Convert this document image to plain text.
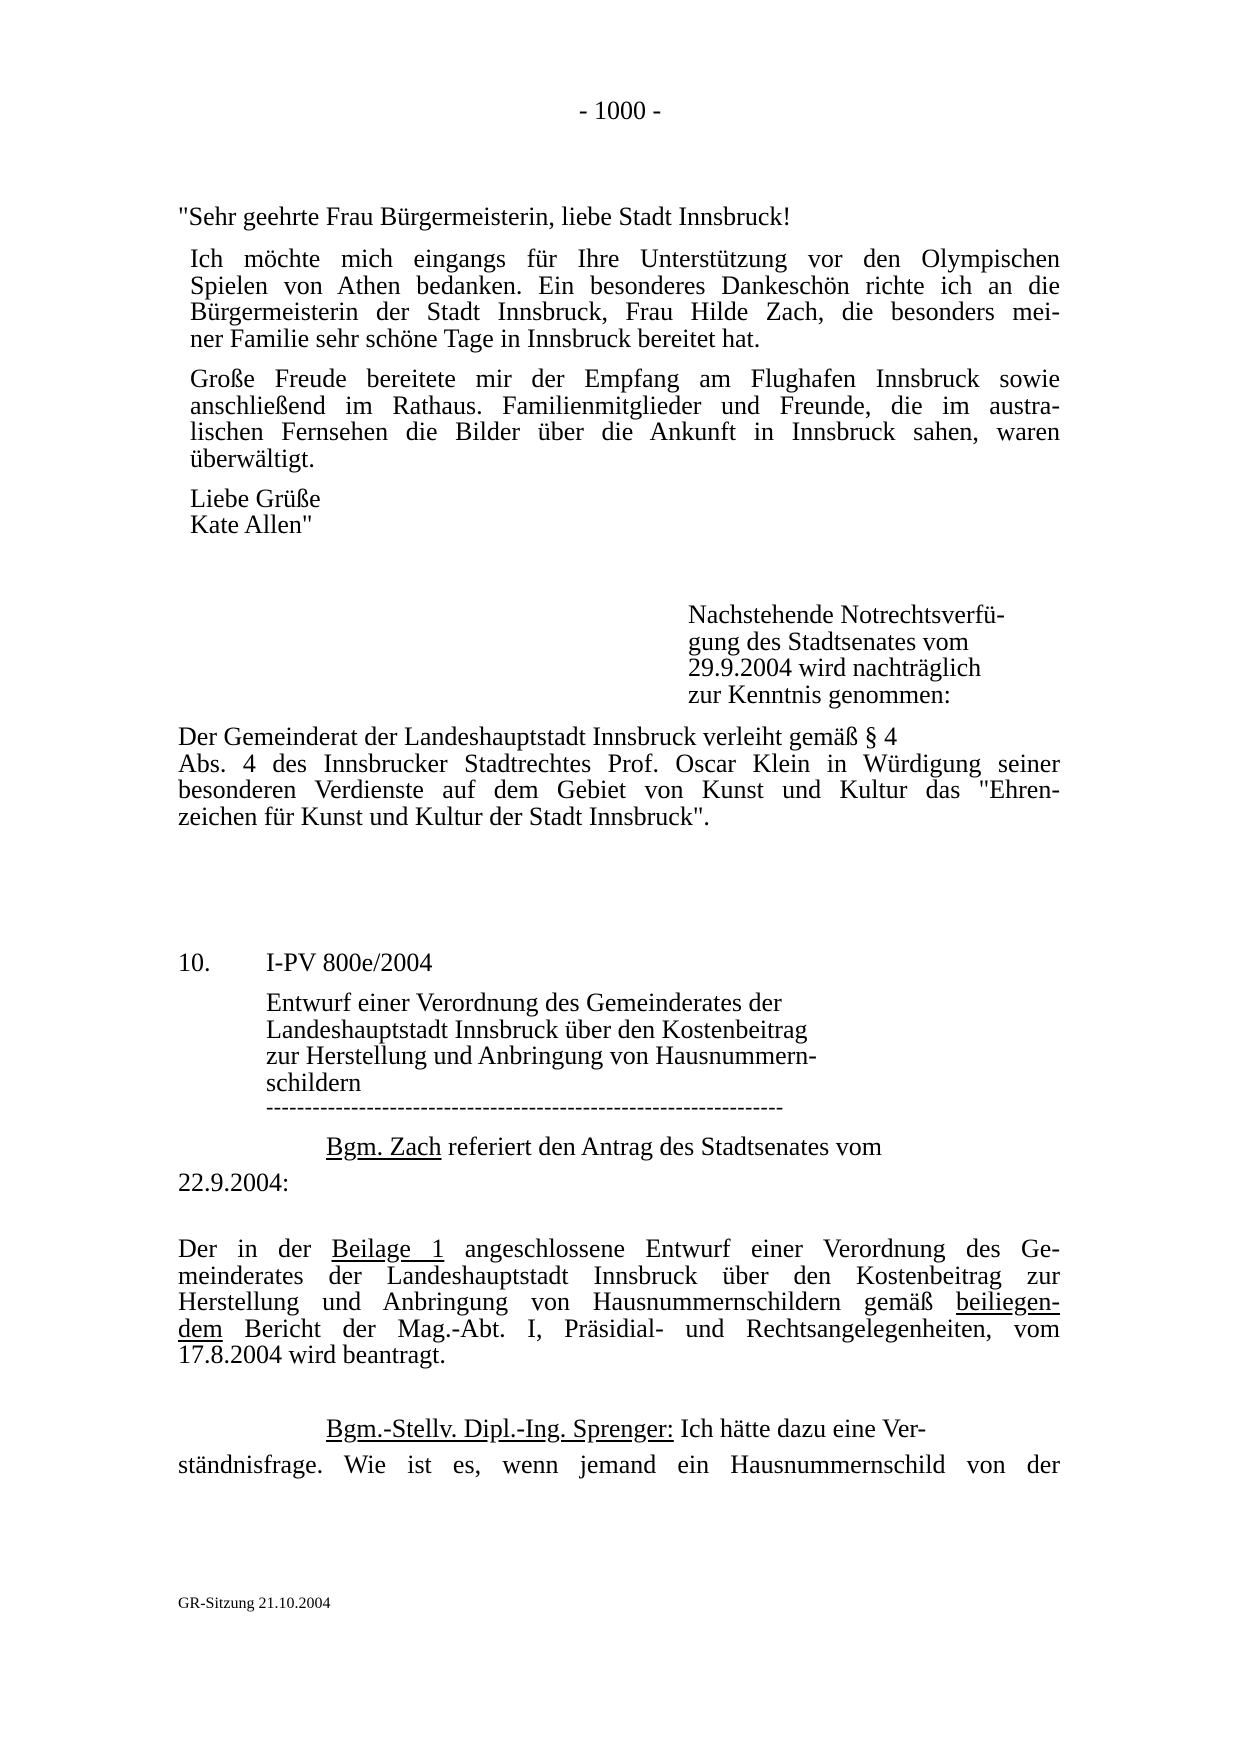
- 1000 -
"Sehr geehrte Frau Bürgermeisterin, liebe Stadt Innsbruck!
Ich möchte mich eingangs für Ihre Unterstützung vor den Olympischen
Spielen von Athen bedanken. Ein besonderes Dankeschön richte ich an die
Bürgermeisterin der Stadt Innsbruck, Frau Hilde Zach, die besonders mei-
ner Familie sehr schöne Tage in Innsbruck bereitet hat.
Große Freude bereitete mir der Empfang am Flughafen Innsbruck sowie
anschließend im Rathaus. Familienmitglieder und Freunde, die im austra-
lischen Fernsehen die Bilder über die Ankunft in Innsbruck sahen, waren
überwältigt.
Liebe Grüße
Kate Allen"
Nachstehende Notrechtsverfü-
gung des Stadtsenates vom
29.9.2004 wird nachträglich
zur Kenntnis genommen:
Der Gemeinderat der Landeshauptstadt Innsbruck verleiht gemäß § 4
Abs. 4 des Innsbrucker Stadtrechtes Prof. Oscar Klein in Würdigung seiner
besonderen Verdienste auf dem Gebiet von Kunst und Kultur das "Ehren-
zeichen für Kunst und Kultur der Stadt Innsbruck".
10. I-PV 800e/2004
Entwurf einer Verordnung des Gemeinderates der
Landeshauptstadt Innsbruck über den Kostenbeitrag
zur Herstellung und Anbringung von Hausnummern-
schildern
-------------------------------------------------------------------
Bgm. Zach referiert den Antrag des Stadtsenates vom
22.9.2004:
Der in der Beilage 1 angeschlossene Entwurf einer Verordnung des Ge-
meinderates der Landeshauptstadt Innsbruck über den Kostenbeitrag zur
Herstellung und Anbringung von Hausnummernschildern gemäß beiliegen-
dem Bericht der Mag.-Abt. I, Präsidial- und Rechtsangelegenheiten, vom
17.8.2004 wird beantragt.
Bgm.-Stellv. Dipl.-Ing. Sprenger: Ich hätte dazu eine Ver-
ständnisfrage. Wie ist es, wenn jemand ein Hausnummernschild von der
GR-Sitzung 21.10.2004
